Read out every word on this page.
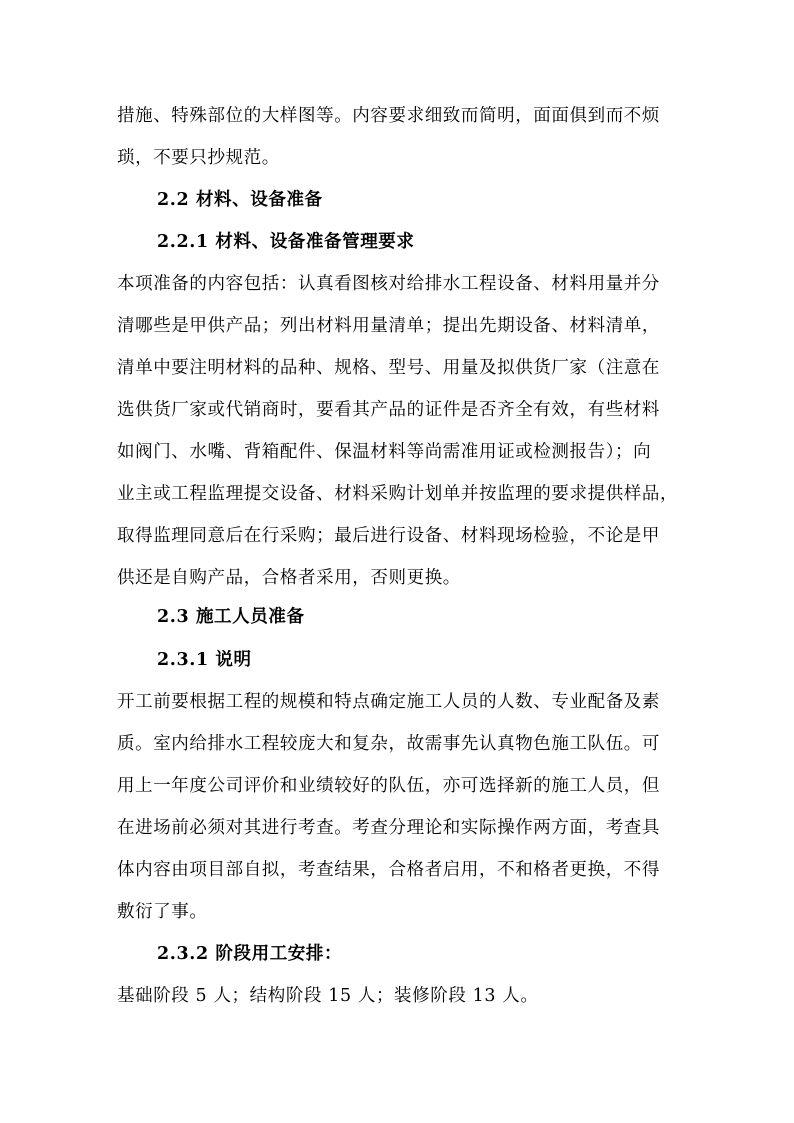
措施、特殊部位的大样图等。内容要求细致而简明，面面俱到而不烦
琐，不要只抄规范。
2.2 材料、设备准备
2.2.1 材料、设备准备管理要求
本项准备的内容包括：认真看图核对给排水工程设备、材料用量并分
清哪些是甲供产品；列出材料用量清单；提出先期设备、材料清单，
清单中要注明材料的品种、规格、型号、用量及拟供货厂家（注意在
选供货厂家或代销商时，要看其产品的证件是否齐全有效，有些材料
如阀门、水嘴、背箱配件、保温材料等尚需准用证或检测报告）；向
业主或工程监理提交设备、材料采购计划单并按监理的要求提供样品，
取得监理同意后在行采购；最后进行设备、材料现场检验，不论是甲
供还是自购产品，合格者采用，否则更换。
2.3 施工人员准备
2.3.1 说明
开工前要根据工程的规模和特点确定施工人员的人数、专业配备及素
质。室内给排水工程较庞大和复杂，故需事先认真物色施工队伍。可
用上一年度公司评价和业绩较好的队伍，亦可选择新的施工人员，但
在进场前必须对其进行考查。考查分理论和实际操作两方面，考查具
体内容由项目部自拟，考查结果，合格者启用，不和格者更换，不得
敷衍了事。
2.3.2 阶段用工安排：
基础阶段 5 人；结构阶段 15 人；装修阶段 13 人。
